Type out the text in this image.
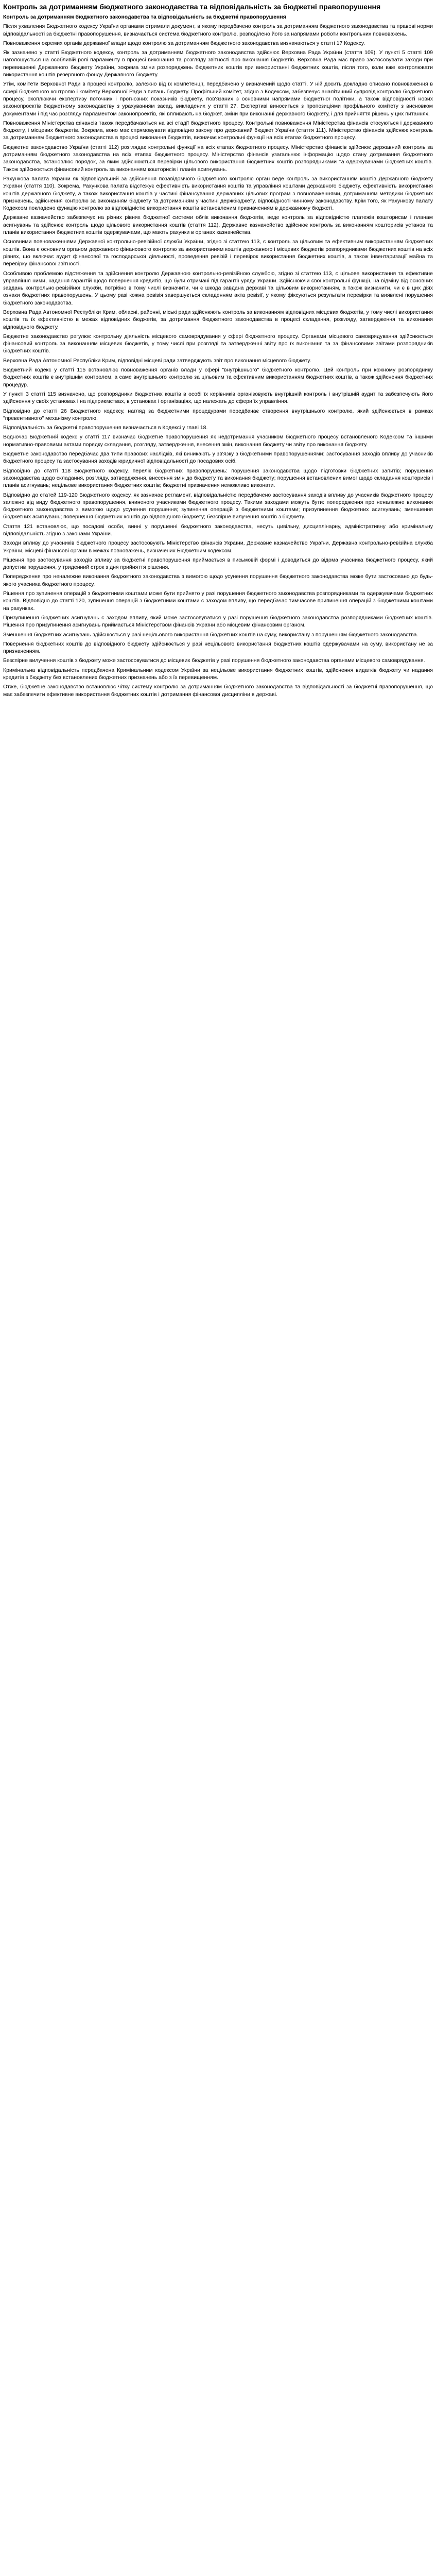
Контроль за дотриманням бюджетного законодавства та відповідальність за бюджетні правопорушення

Контроль за дотриманням бюджетного законодавства та відповідальність за бюджетні правопорушення

Після ухвалення Бюджетного кодексу України органами отримали документ, в якому передбачено контроль за дотриманням бюджетного законодавства та правові норми відповідальності за бюджетні правопорушення, визначається система бюджетного контролю, розподілено його за напрямами роботи контрольних повноважень.

Повноваження окремих органів державної влади щодо контролю за дотриманням бюджетного законодавства визначаються у статті 17 Кодексу.

Як зазначено у статті Бюджетного кодексу, контроль за дотриманням бюджетного законодавства здійснює Верховна Рада України (стаття 109). У пункті 5 статті 109 наголошується на особливій ролі парламенту в процесі виконання та розгляду звітності про виконання бюджетів. Верховна Рада має право застосовувати заходи при перевищенні Державного бюджету України, зокрема зміни розпоряджень бюджетних коштів при використанні бюджетних коштів, після того, коли вже контролювати використання коштів резервного фонду Державного бюджету.

Утім, комітети Верховної Ради в процесі контролю, залежно від їх компетенції, передбачено у визначений щодо статті. У ній досить докладно описано повноваження в сфері бюджетного контролю і комітету Верховної Ради з питань бюджету. Профільний комітет, згідно з Кодексом, забезпечує аналітичний супровід контролю бюджетного процесу, охоплюючи експертизу поточних і прогнозних показників бюджету, пов'язаних з основними напрямами бюджетної політики, а також відповідності нових законопроектів бюджетному законодавству з урахуванням засад, викладених у статті 27. Експертизі виноситься з пропозиціями профільного комітету з висновком документами і під час розгляду парламентом законопроектів, які впливають на бюджет, зміни при виконанні державного бюджету, і для прийняття рішень у цих питаннях.

Повноваження Міністерства фінансів також передбачаються на всі стадії бюджетного процесу. Контрольні повноваження Міністерства фінансів стосуються і державного бюджету, і місцевих бюджетів. Зокрема, воно має спрямовувати відповідно закону про державний бюджет України (стаття 111). Міністерство фінансів здійснює контроль за дотриманням бюджетного законодавства в процесі виконання бюджетів, визначає контрольні функції на всіх етапах бюджетного процесу.

Бюджетне законодавство України (статті 112) розглядає контрольні функції на всіх етапах бюджетного процесу. Міністерство фінансів здійснює державний контроль за дотриманням бюджетного законодавства на всіх етапах бюджетного процесу. Міністерство фінансів узагальнює інформацію щодо стану дотримання бюджетного законодавства, встановлює порядок, за яким здійснюються перевірки цільового використання бюджетних коштів розпорядниками та одержувачами бюджетних коштів. Також здійснюється фінансовий контроль за виконанням кошторисів і планів асигнувань.

Рахункова палата України як відповідальний за здійснення позавідомчого бюджетного контролю орган веде контроль за використанням коштів Державного бюджету України (стаття 110). Зокрема, Рахункова палата відстежує ефективність використання коштів та управління коштами державного бюджету, ефективність використання коштів державного бюджету, а також використання коштів у частині фінансування державних цільових програм з повноваженнями, дотриманням методики бюджетних призначень, здійснення контролю за виконанням бюджету та дотриманням у частині держбюджету, відповідності чинному законодавству. Крім того, як Рахункову палату Кодексом покладено функцію контролю за відповідністю використання коштів встановленим призначенням в державному бюджеті.

Державне казначейство забезпечує на різних рівнях бюджетної системи облік виконання бюджетів, веде контроль за відповідністю платежів кошторисам і планам асигнувань та здійснює контроль щодо цільового використання коштів (стаття 112). Державне казначейство здійснює контроль за виконанням кошторисів установ та планів використання бюджетних коштів одержувачами, що мають рахунки в органах казначейства.

Основними повноваженнями Державної контрольно-ревізійної служби України, згідно зі статтею 113, є контроль за цільовим та ефективним використанням бюджетних коштів. Вона є основним органом державного фінансового контролю за використанням коштів державного і місцевих бюджетів розпорядниками бюджетних коштів на всіх рівнях, що включає аудит фінансової та господарської діяльності, проведення ревізій і перевірок використання бюджетних коштів, а також інвентаризації майна та перевірку фінансової звітності.

Особливою проблемою відстеження та здійснення контролю Державною контрольно-ревізійною службою, згідно зі статтею 113, є цільове використання та ефективне управління ними, надання гарантій щодо повернення кредитів, що були отримані під гарантії уряду України. Здійснюючи свої контрольні функції, на відміну від основних завдань контрольно-ревізійної служби, потрібно в тому числі визначити, чи є шкода завдана державі та цільовим використанням, а також визначити, чи є в цих діях ознаки бюджетних правопорушень. У цьому разі кожна ревізія завершується складенням акта ревізії, у якому фіксуються результати перевірки та виявлені порушення бюджетного законодавства.

Верховна Рада Автономної Республіки Крим, обласні, районні, міські ради здійснюють контроль за виконанням відповідних місцевих бюджетів, у тому числі використання коштів та їх ефективністю в межах відповідних бюджетів, за дотримання бюджетного законодавства в процесі складання, розгляду, затвердження та виконання відповідного бюджету.

Бюджетне законодавство регулює контрольну діяльність місцевого самоврядування у сфері бюджетного процесу. Органами місцевого самоврядування здійснюється фінансовий контроль за виконанням місцевих бюджетів, у тому числі при розгляді та затвердженні звіту про їх виконання та за фінансовими звітами розпорядників бюджетних коштів.

Верховна Рада Автономної Республіки Крим, відповідні місцеві ради затверджують звіт про виконання місцевого бюджету.

Бюджетний кодекс у статті 115 встановлює повноваження органів влади у сфері "внутрішнього" бюджетного контролю. Цей контроль при кожному розпоряднику бюджетних коштів є внутрішнім контролем, а саме внутрішнього контролю за цільовим та ефективним використанням бюджетних коштів, а також здійснення бюджетних процедур.

У пункті 3 статті 115 визначено, що розпорядники бюджетних коштів в особі їх керівників організовують внутрішній контроль і внутрішній аудит та забезпечують його здійснення у своїх установах і на підприємствах, в установах і організаціях, що належать до сфери їх управління.

Відповідно до статті 26 Бюджетного кодексу, нагляд за бюджетними процедурами передбачає створення внутрішнього контролю, який здійснюється в рамках "превентивного" механізму контролю.

Відповідальність за бюджетні правопорушення визначається в Кодексі у главі 18.

Водночас Бюджетний кодекс у статті 117 визначає бюджетне правопорушення як недотримання учасником бюджетного процесу встановленого Кодексом та іншими нормативно-правовими актами порядку складання, розгляду, затвердження, внесення змін, виконання бюджету чи звіту про виконання бюджету.

Бюджетне законодавство передбачає два типи правових наслідків, які виникають у зв'язку з бюджетними правопорушеннями: застосування заходів впливу до учасників бюджетного процесу та застосування заходів юридичної відповідальності до посадових осіб.

Відповідно до статті 118 Бюджетного кодексу, перелік бюджетних правопорушень: порушення законодавства щодо підготовки бюджетних запитів; порушення законодавства щодо складання, розгляду, затвердження, внесення змін до бюджету та виконання бюджету; порушення встановлених вимог щодо складання кошторисів і планів асигнувань; нецільове використання бюджетних коштів; бюджетні призначення неможливо виконати.

Відповідно до статей 119-120 Бюджетного кодексу, як зазначає регламент, відповідальністю передбачено застосування заходів впливу до учасників бюджетного процесу залежно від виду бюджетного правопорушення, вчиненого учасниками бюджетного процесу. Такими заходами можуть бути: попередження про неналежне виконання бюджетного законодавства з вимогою щодо усунення порушення; зупинення операцій з бюджетними коштами; призупинення бюджетних асигнувань; зменшення бюджетних асигнувань; повернення бюджетних коштів до відповідного бюджету; безспірне вилучення коштів з бюджету.

Стаття 121 встановлює, що посадові особи, винні у порушенні бюджетного законодавства, несуть цивільну, дисциплінарну, адміністративну або кримінальну відповідальність згідно з законами України.

Заходи впливу до учасників бюджетного процесу застосовують Міністерство фінансів України, Державне казначейство України, Державна контрольно-ревізійна служба України, місцеві фінансові органи в межах повноважень, визначених Бюджетним кодексом.

Рішення про застосування заходів впливу за бюджетні правопорушення приймається в письмовій формі і доводиться до відома учасника бюджетного процесу, який допустив порушення, у триденний строк з дня прийняття рішення.

Попередження про неналежне виконання бюджетного законодавства з вимогою щодо усунення порушення бюджетного законодавства може бути застосовано до будь-якого учасника бюджетного процесу.

Рішення про зупинення операцій з бюджетними коштами може бути прийнято у разі порушення бюджетного законодавства розпорядниками та одержувачами бюджетних коштів. Відповідно до статті 120, зупинення операцій з бюджетними коштами є заходом впливу, що передбачає тимчасове припинення операцій з бюджетними коштами на рахунках.

Призупинення бюджетних асигнувань є заходом впливу, який може застосовуватися у разі порушення бюджетного законодавства розпорядниками бюджетних коштів. Рішення про призупинення асигнувань приймається Міністерством фінансів України або місцевим фінансовим органом.

Зменшення бюджетних асигнувань здійснюється у разі нецільового використання бюджетних коштів на суму, використану з порушенням бюджетного законодавства.

Повернення бюджетних коштів до відповідного бюджету здійснюється у разі нецільового використання бюджетних коштів одержувачами на суму, використану не за призначенням.

Безспірне вилучення коштів з бюджету може застосовуватися до місцевих бюджетів у разі порушення бюджетного законодавства органами місцевого самоврядування.

Кримінальна відповідальність передбачена Кримінальним кодексом України за нецільове використання бюджетних коштів, здійснення видатків бюджету чи надання кредитів з бюджету без встановлених бюджетних призначень або з їх перевищенням.

Отже, бюджетне законодавство встановлює чітку систему контролю за дотриманням бюджетного законодавства та відповідальності за бюджетні правопорушення, що має забезпечити ефективне використання бюджетних коштів і дотримання фінансової дисципліни в державі.
